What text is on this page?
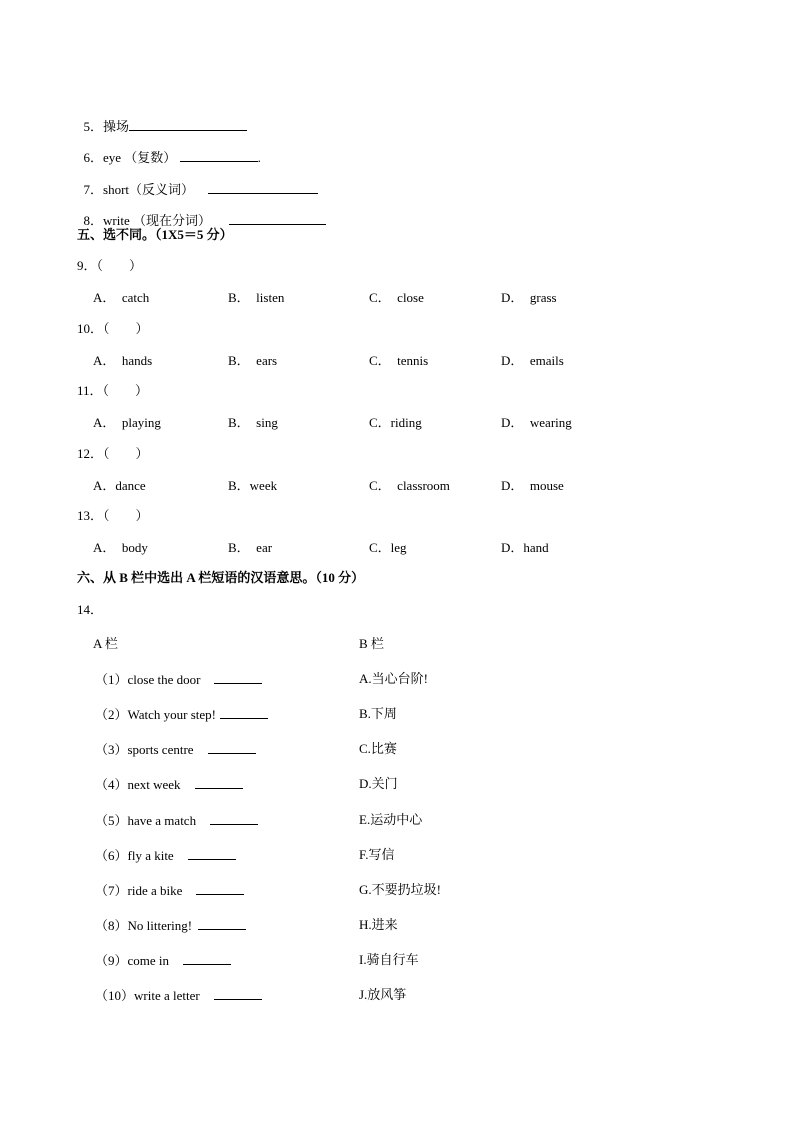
5．操场

6．eye （复数）	.

7．short（反义词）

8．write （现在分词）

五、选不同。（1X5＝5 分）
9．（　　）
A．  catch	B．  listen	C．  close	D．  grass
10．（　　）
A．  hands	B．  ears	C．  tennis	D．  emails
11．（　　）
A．  playing	B．  sing	C．riding	D．  wearing
12．（　　）
A．dance	B．week	C．  classroom	D．  mouse
13．（　　）
A．  body	B．  ear	C．leg	D．hand
六、从 B 栏中选出 A 栏短语的汉语意思。（10 分）
14．
A 栏	B 栏
（1）close the door	A.当心台阶!
（2）Watch your step!	B.下周
（3）sports centre	C.比赛
（4）next week	D.关门
（5）have a match	E.运动中心
（6）fly a kite	F.写信
（7）ride a bike	G.不要扔垃圾!
（8）No littering!	H.进来
（9）come in	I.骑自行车
（10）write a letter	J.放风筝
